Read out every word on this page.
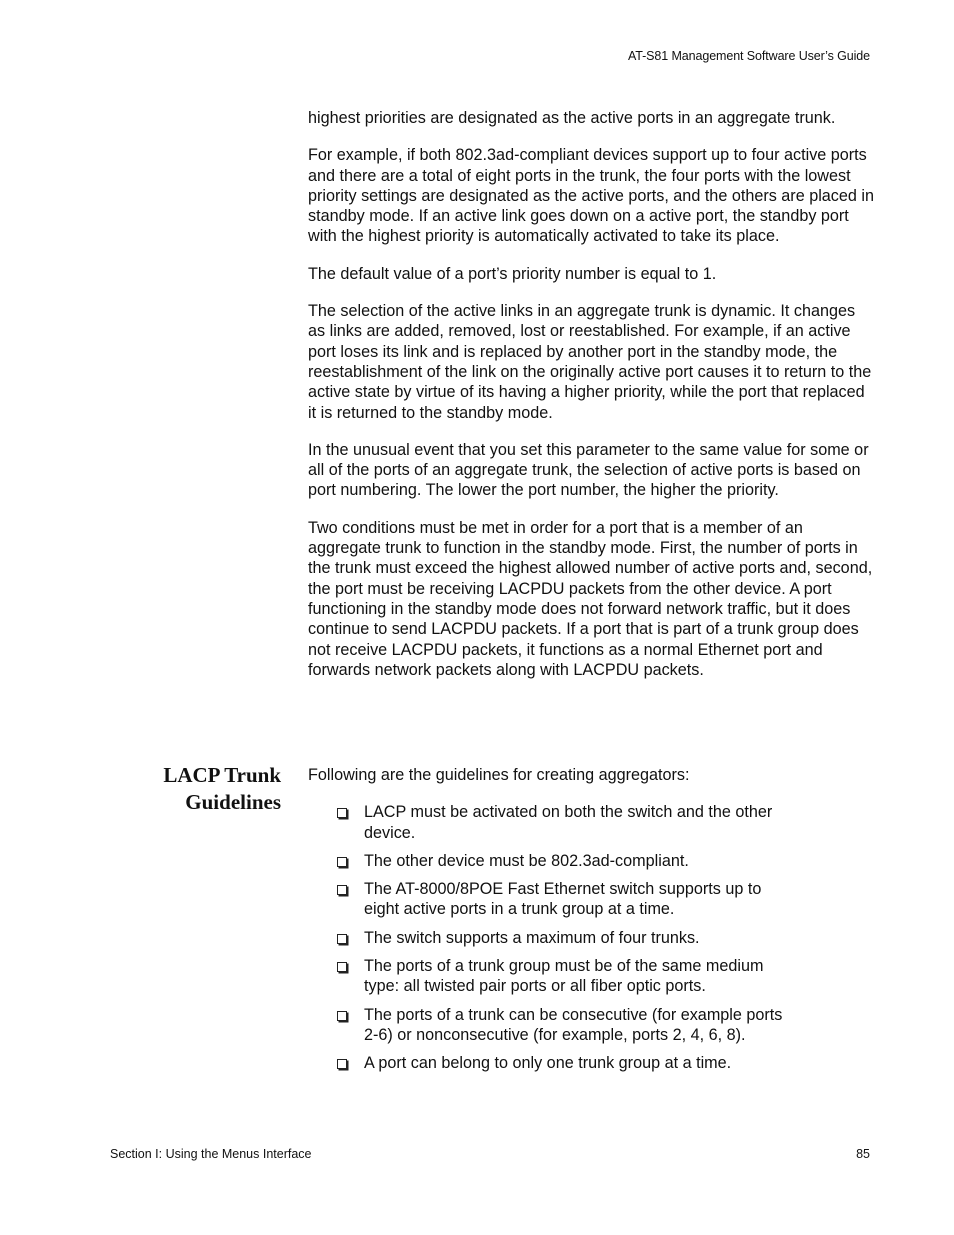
AT-S81 Management Software User’s Guide

highest priorities are designated as the active ports in an aggregate trunk.

For example, if both 802.3ad-compliant devices support up to four active ports and there are a total of eight ports in the trunk, the four ports with the lowest priority settings are designated as the active ports, and the others are placed in standby mode. If an active link goes down on a active port, the standby port with the highest priority is automatically activated to take its place.

The default value of a port’s priority number is equal to 1.

The selection of the active links in an aggregate trunk is dynamic. It changes as links are added, removed, lost or reestablished. For example, if an active port loses its link and is replaced by another port in the standby mode, the reestablishment of the link on the originally active port causes it to return to the active state by virtue of its having a higher priority, while the port that replaced it is returned to the standby mode.

In the unusual event that you set this parameter to the same value for some or all of the ports of an aggregate trunk, the selection of active ports is based on port numbering. The lower the port number, the higher the priority.

Two conditions must be met in order for a port that is a member of an aggregate trunk to function in the standby mode. First, the number of ports in the trunk must exceed the highest allowed number of active ports and, second, the port must be receiving LACPDU packets from the other device. A port functioning in the standby mode does not forward network traffic, but it does continue to send LACPDU packets. If a port that is part of a trunk group does not receive LACPDU packets, it functions as a normal Ethernet port and forwards network packets along with LACPDU packets.

LACP Trunk
Guidelines

Following are the guidelines for creating aggregators:

LACP must be activated on both the switch and the other device.
The other device must be 802.3ad-compliant.
The AT-8000/8POE Fast Ethernet switch supports up to eight active ports in a trunk group at a time.
The switch supports a maximum of four trunks.
The ports of a trunk group must be of the same medium type: all twisted pair ports or all fiber optic ports.
The ports of a trunk can be consecutive (for example ports 2-6) or nonconsecutive (for example, ports 2, 4, 6, 8).
A port can belong to only one trunk group at a time.
Section I: Using the Menus Interface	85
